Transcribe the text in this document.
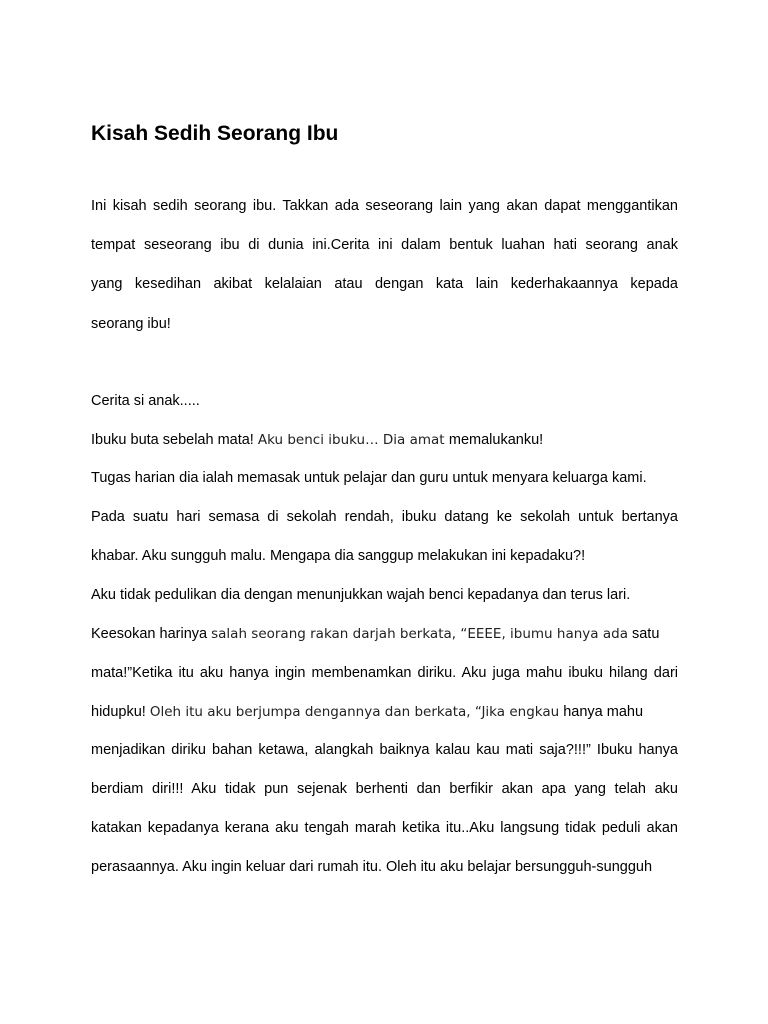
Kisah Sedih Seorang Ibu
Ini kisah sedih seorang ibu. Takkan ada seseorang lain yang akan dapat menggantikan
tempat seseorang ibu di dunia ini.Cerita ini dalam bentuk luahan hati seorang anak
yang kesedihan akibat kelalaian atau dengan kata lain kederhakaannya kepada
seorang ibu!
Cerita si anak.....
Ibuku buta sebelah mata! Aku benci ibuku… Dia amat memalukanku!
Tugas harian dia ialah memasak untuk pelajar dan guru untuk menyara keluarga kami.
Pada suatu hari semasa di sekolah rendah, ibuku datang ke sekolah untuk bertanya
khabar. Aku sungguh malu. Mengapa dia sanggup melakukan ini kepadaku?!
Aku tidak pedulikan dia dengan menunjukkan wajah benci kepadanya dan terus lari.
Keesokan harinya salah seorang rakan darjah berkata, “EEEE, ibumu hanya ada satu
mata!”Ketika itu aku hanya ingin membenamkan diriku. Aku juga mahu ibuku hilang dari
hidupku! Oleh itu aku berjumpa dengannya dan berkata, “Jika engkau hanya mahu
menjadikan diriku bahan ketawa, alangkah baiknya kalau kau mati saja?!!!” Ibuku hanya
berdiam diri!!! Aku tidak pun sejenak berhenti dan berfikir akan apa yang telah aku
katakan kepadanya kerana aku tengah marah ketika itu..Aku langsung tidak peduli akan
perasaannya. Aku ingin keluar dari rumah itu. Oleh itu aku belajar bersungguh-sungguh
